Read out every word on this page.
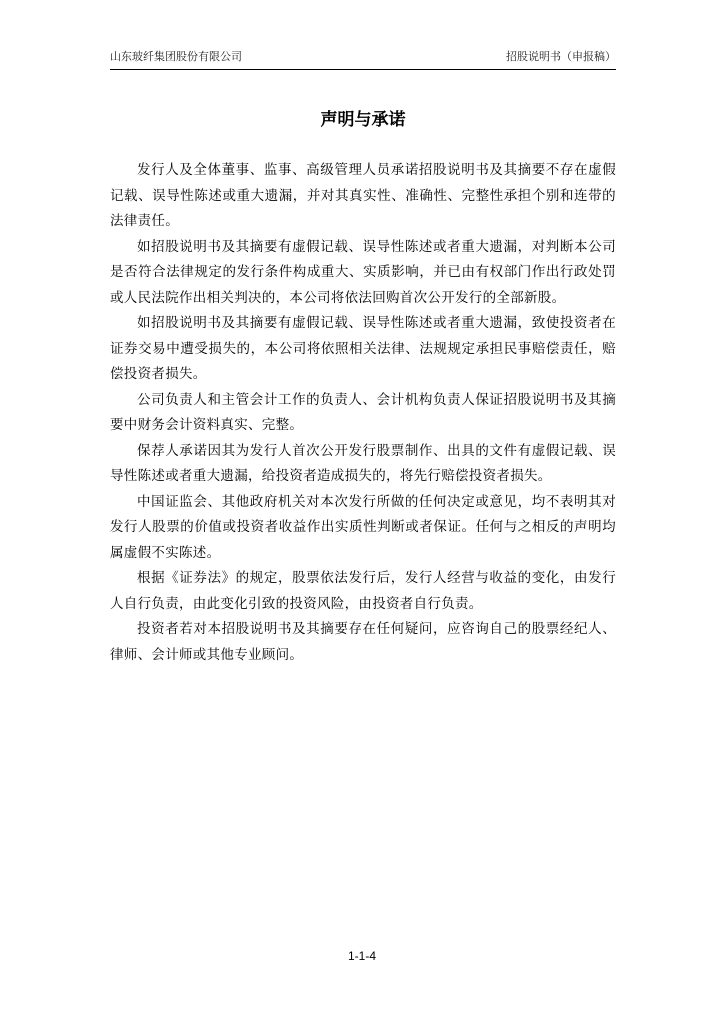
山东玻纤集团股份有限公司	招股说明书（申报稿）
声明与承诺

发行人及全体董事、监事、高级管理人员承诺招股说明书及其摘要不存在虚假记载、误导性陈述或重大遗漏，并对其真实性、准确性、完整性承担个别和连带的法律责任。

如招股说明书及其摘要有虚假记载、误导性陈述或者重大遗漏，对判断本公司是否符合法律规定的发行条件构成重大、实质影响，并已由有权部门作出行政处罚或人民法院作出相关判决的，本公司将依法回购首次公开发行的全部新股。

如招股说明书及其摘要有虚假记载、误导性陈述或者重大遗漏，致使投资者在证券交易中遭受损失的，本公司将依照相关法律、法规规定承担民事赔偿责任，赔偿投资者损失。

公司负责人和主管会计工作的负责人、会计机构负责人保证招股说明书及其摘要中财务会计资料真实、完整。

保荐人承诺因其为发行人首次公开发行股票制作、出具的文件有虚假记载、误导性陈述或者重大遗漏，给投资者造成损失的，将先行赔偿投资者损失。

中国证监会、其他政府机关对本次发行所做的任何决定或意见，均不表明其对发行人股票的价值或投资者收益作出实质性判断或者保证。任何与之相反的声明均属虚假不实陈述。

根据《证券法》的规定，股票依法发行后，发行人经营与收益的变化，由发行人自行负责，由此变化引致的投资风险，由投资者自行负责。

投资者若对本招股说明书及其摘要存在任何疑问，应咨询自己的股票经纪人、律师、会计师或其他专业顾问。

1-1-4
